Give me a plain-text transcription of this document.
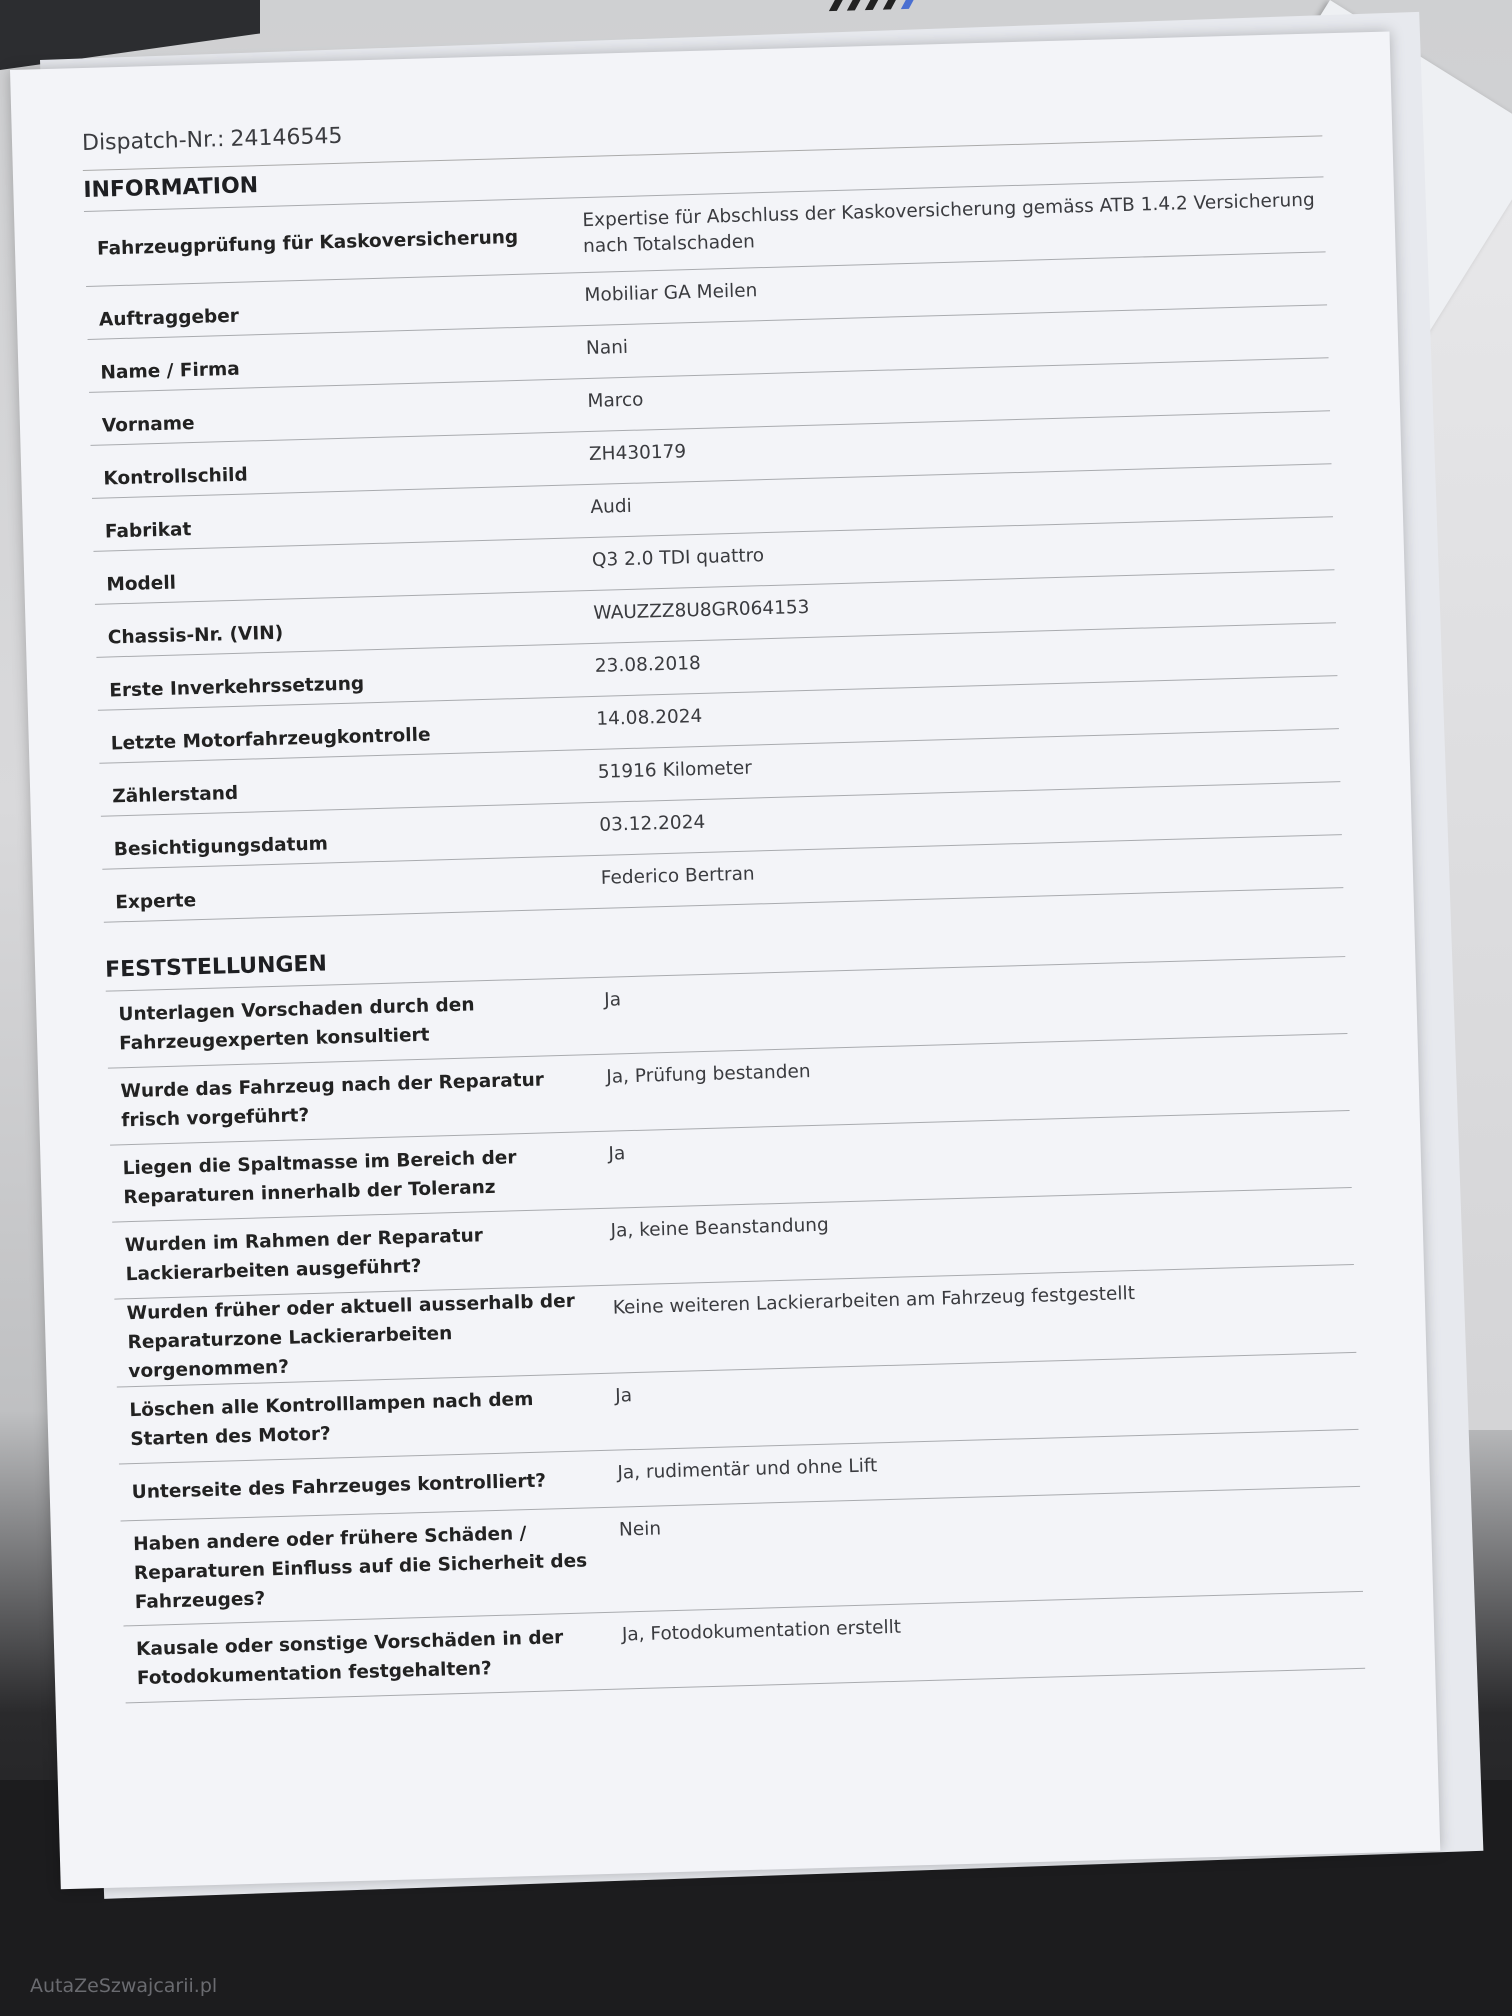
Dispatch-Nr.: 24146545
INFORMATION
Fahrzeugprüfung für Kaskoversicherung
Expertise für Abschluss der Kaskoversicherung gemäss ATB 1.4.2 Versicherung nach Totalschaden
Auftraggeber
Mobiliar GA Meilen
Name / Firma
Nani
Vorname
Marco
Kontrollschild
ZH430179
Fabrikat
Audi
Modell
Q3 2.0 TDI quattro
Chassis-Nr. (VIN)
WAUZZZ8U8GR064153
Erste Inverkehrssetzung
23.08.2018
Letzte Motorfahrzeugkontrolle
14.08.2024
Zählerstand
51916 Kilometer
Besichtigungsdatum
03.12.2024
Experte
Federico Bertran
FESTSTELLUNGEN
Unterlagen Vorschaden durch den Fahrzeugexperten konsultiert
Ja
Wurde das Fahrzeug nach der Reparatur frisch vorgeführt?
Ja, Prüfung bestanden
Liegen die Spaltmasse im Bereich der Reparaturen innerhalb der Toleranz
Ja
Wurden im Rahmen der Reparatur Lackierarbeiten ausgeführt?
Ja, keine Beanstandung
Wurden früher oder aktuell ausserhalb der Reparaturzone Lackierarbeiten vorgenommen?
Keine weiteren Lackierarbeiten am Fahrzeug festgestellt
Löschen alle Kontrolllampen nach dem Starten des Motor?
Ja
Unterseite des Fahrzeuges kontrolliert?
Ja, rudimentär und ohne Lift
Haben andere oder frühere Schäden / Reparaturen Einfluss auf die Sicherheit des Fahrzeuges?
Nein
Kausale oder sonstige Vorschäden in der Fotodokumentation festgehalten?
Ja, Fotodokumentation erstellt
AutaZeSzwajcarii.pl
